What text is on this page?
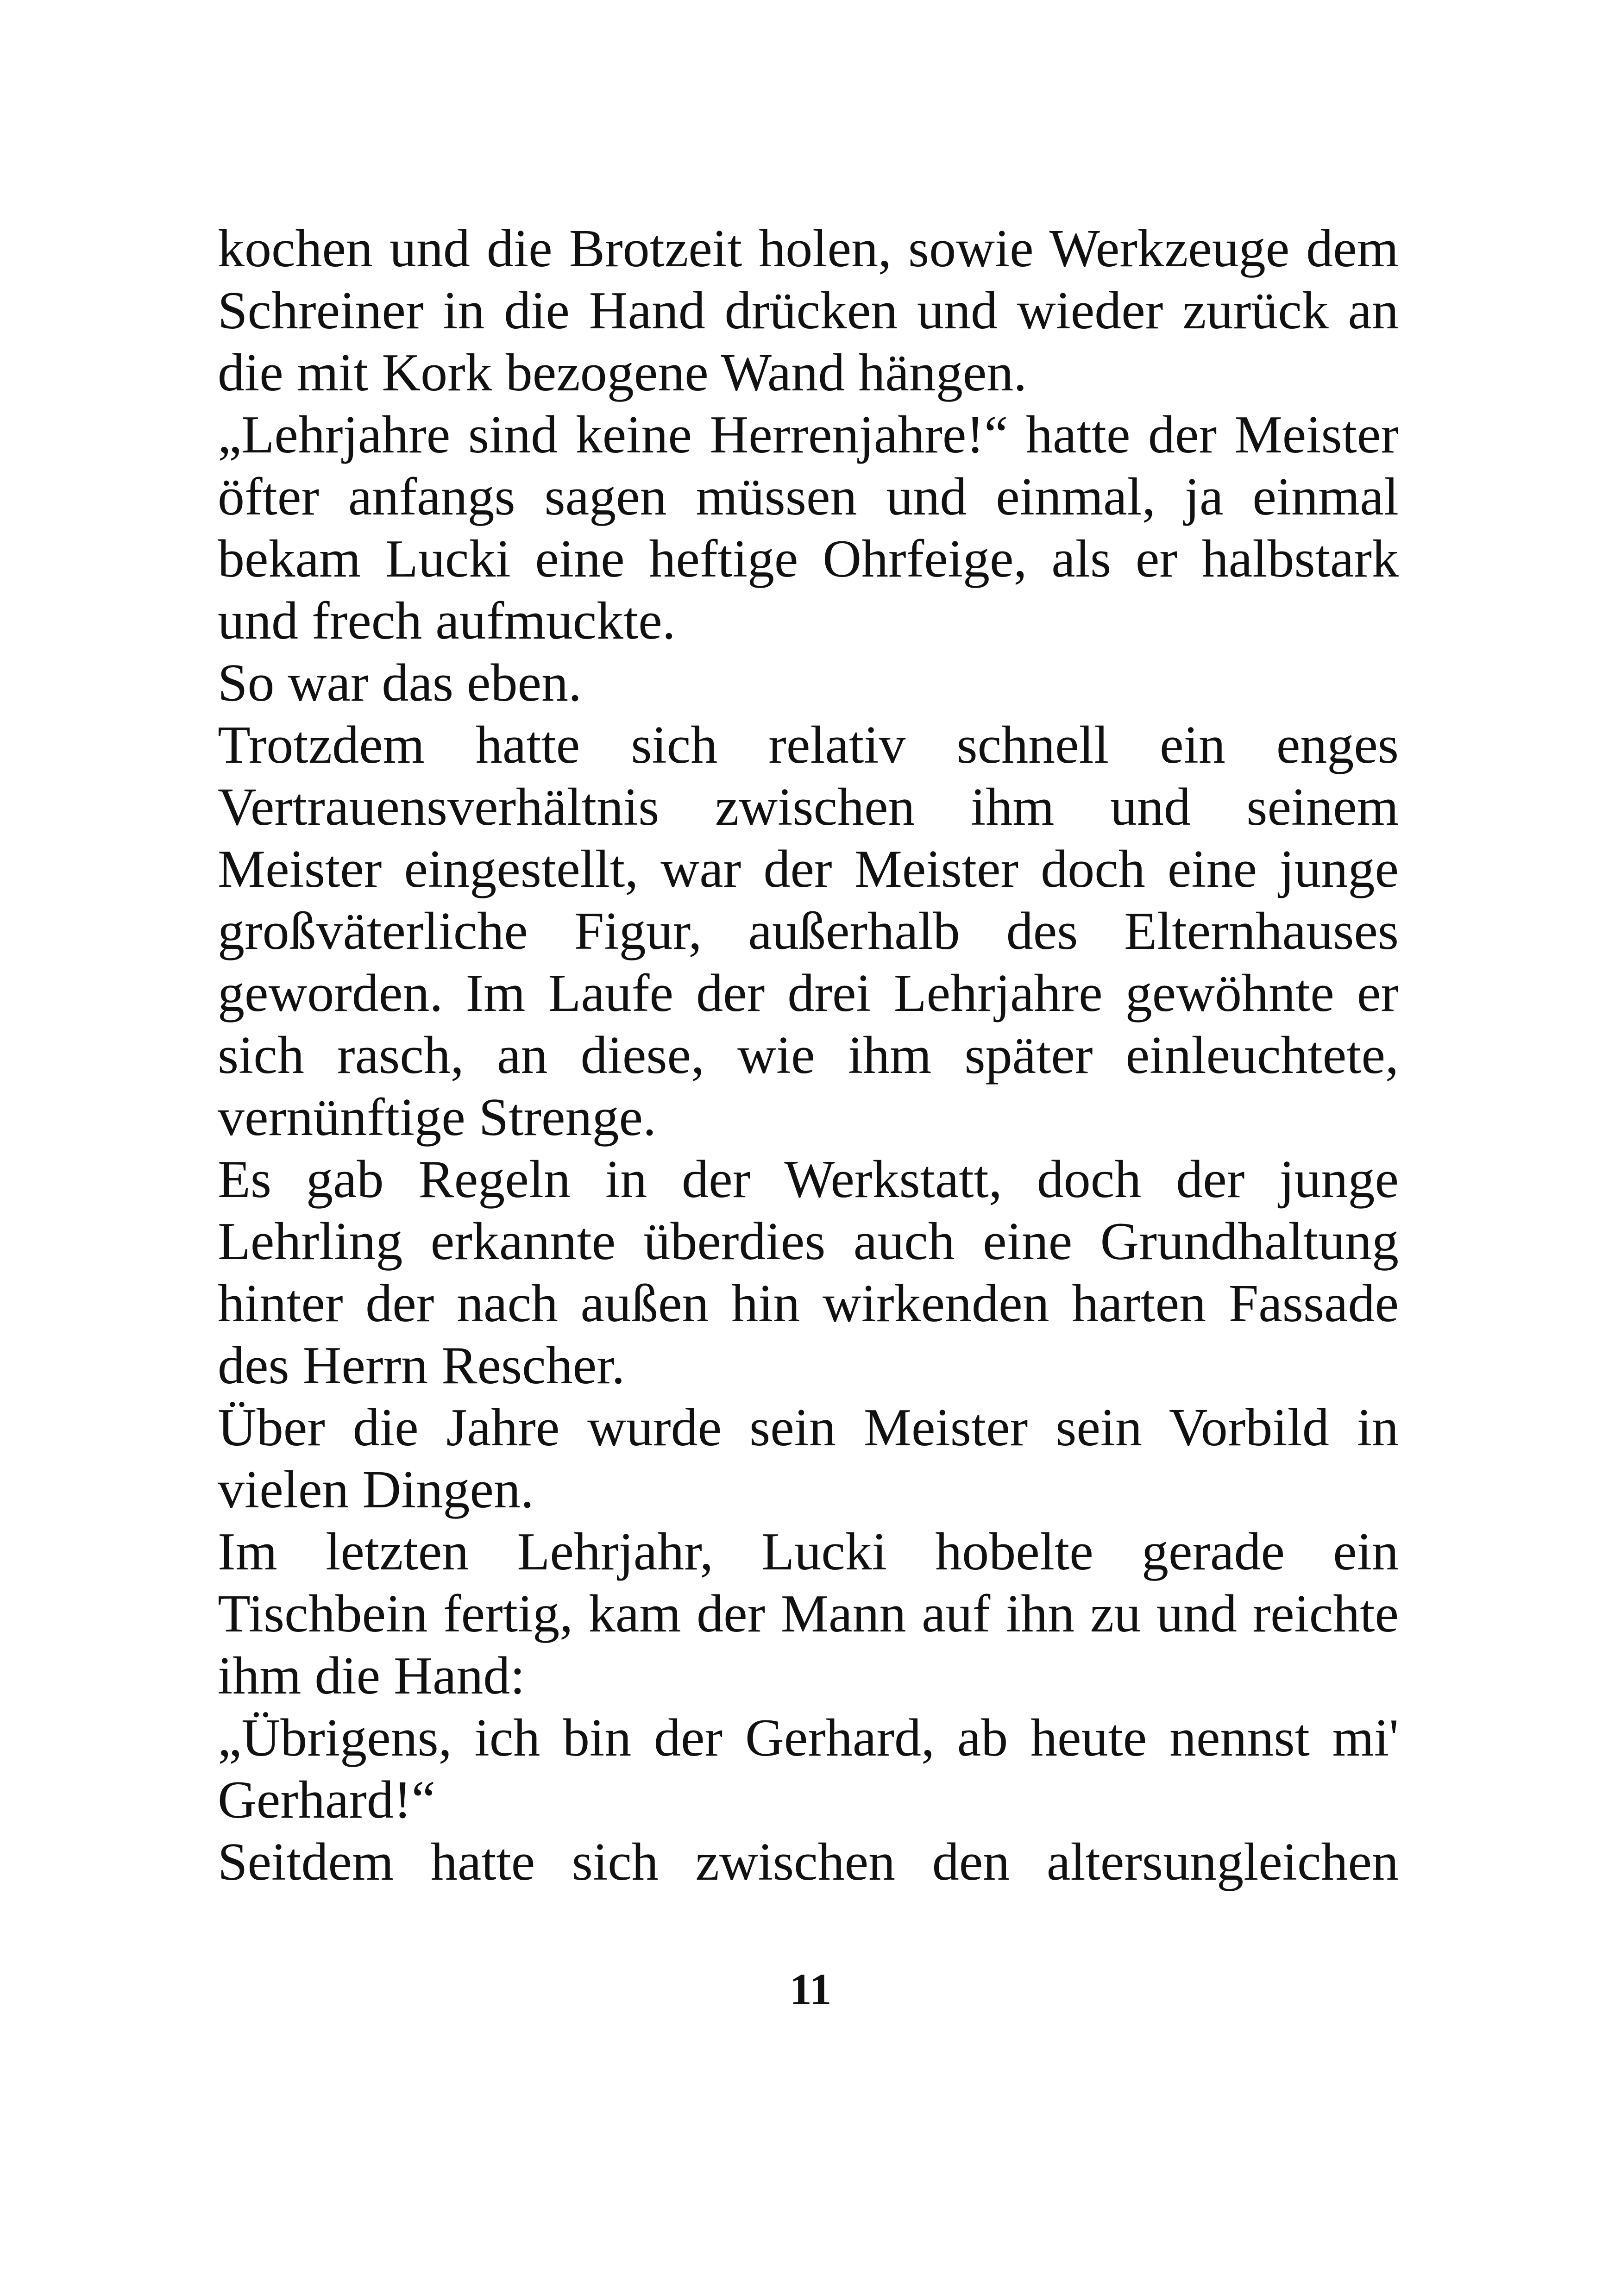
kochen und die Brotzeit holen, sowie Werkzeuge dem
Schreiner in die Hand drücken und wieder zurück an
die mit Kork bezogene Wand hängen.
„Lehrjahre sind keine Herrenjahre!“ hatte der Meister
öfter anfangs sagen müssen und einmal, ja einmal
bekam Lucki eine heftige Ohrfeige, als er halbstark
und frech aufmuckte.
So war das eben.
Trotzdem hatte sich relativ schnell ein enges
Vertrauensverhältnis zwischen ihm und seinem
Meister eingestellt, war der Meister doch eine junge
großväterliche Figur, außerhalb des Elternhauses
geworden. Im Laufe der drei Lehrjahre gewöhnte er
sich rasch, an diese, wie ihm später einleuchtete,
vernünftige Strenge.
Es gab Regeln in der Werkstatt, doch der junge
Lehrling erkannte überdies auch eine Grundhaltung
hinter der nach außen hin wirkenden harten Fassade
des Herrn Rescher.
Über die Jahre wurde sein Meister sein Vorbild in
vielen Dingen.
Im letzten Lehrjahr, Lucki hobelte gerade ein
Tischbein fertig, kam der Mann auf ihn zu und reichte
ihm die Hand:
„Übrigens, ich bin der Gerhard, ab heute nennst mi'
Gerhard!“
Seitdem hatte sich zwischen den altersungleichen
11
